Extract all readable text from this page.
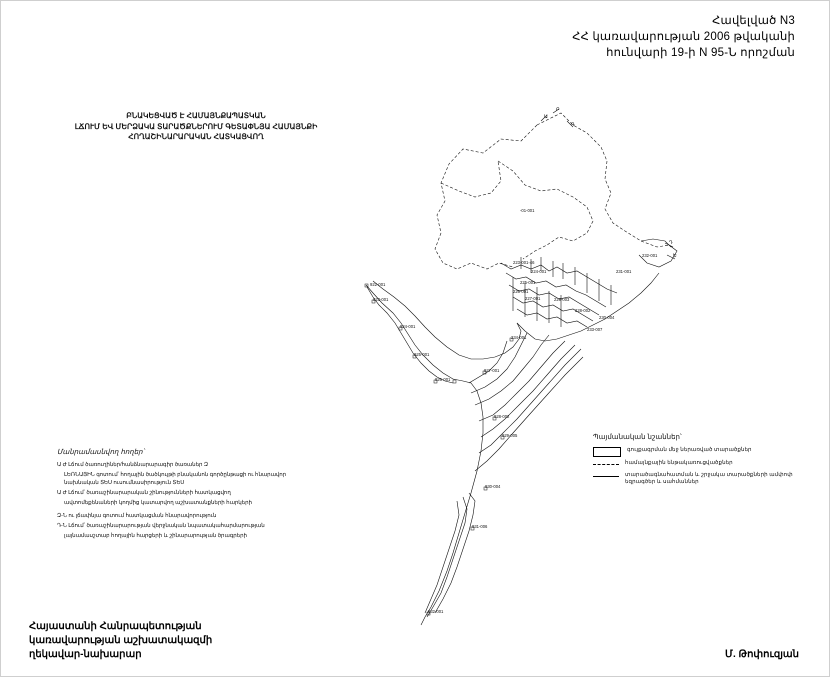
-01-001
223-001-46
224-001
225-001
226-001
227-001
228-002
229-003
230-004
231-001
232-001
233-007
234-001
922-001
923-001
924-001
925-001
926-001
927-001
928-002
929-005
930-004
931-006
932-001
Ա
Բ
Գ
Դ
Ե
Հավելված N3
ՀՀ կառավարության 2006 թվականի
հունվարի 19-ի N 95-Ն որոշման
ԲՆԱԿԵՑՎԱԾ Է ՀԱՄԱՅՆՔԱՊԱՏԿԱՆ
ԼՃՈՒՄ ԵՎ ՄԵՐՁԱԿԱ ՏԱՐԱԾՔՆԵՐՈՒՄ ԳԵՏԱՓՆՅԱ ՀԱՄԱՅՆՔԻ
ՀՈՂԱՇԻՆԱՐԱՐԱԿԱՆ ՀԱՏԿԱՑՎՈՂ
Մանրամասնվող հողեր՝
Ա Ժ Լճում ծառուղիներ/հանձնարարագիր ծառաներ Զ
ԼԵՌՆԱՅԻՆ գոտում՝ հողային ծածկույթի բնականոն գործընթացի ու հնարավոր նախնական ՏԵՍ ուսումնասիրություն ՏԵՍ
Ա Ժ Լճում՝ ծառաշինարարական շինությունների հատկացվող
ավտոմեքենաների կողմից կատարվող աշխատանքների հարկերի
Զ-Ն ու լճափնյա գոտում հատկացման հնարավորություն
Դ-Ն Լճում՝ ծառաշինարարության վերջնական նպատակահարմարության
լայնամասշտաբ հողային հարցերի և շինարարության ծրագրերի
Պայմանական նշաններ՝
գույքագրման մեջ ներառված տարածքներ
համայնքային ենթակառուցվածքներ
տարածագնահատման և շրջակա տարածքների ամփոփ եզրագծեր և սահմաններ
Հայաստանի Հանրապետության
կառավարության աշխատակազմի
ղեկավար-նախարար	Մ. Թոփուզյան
